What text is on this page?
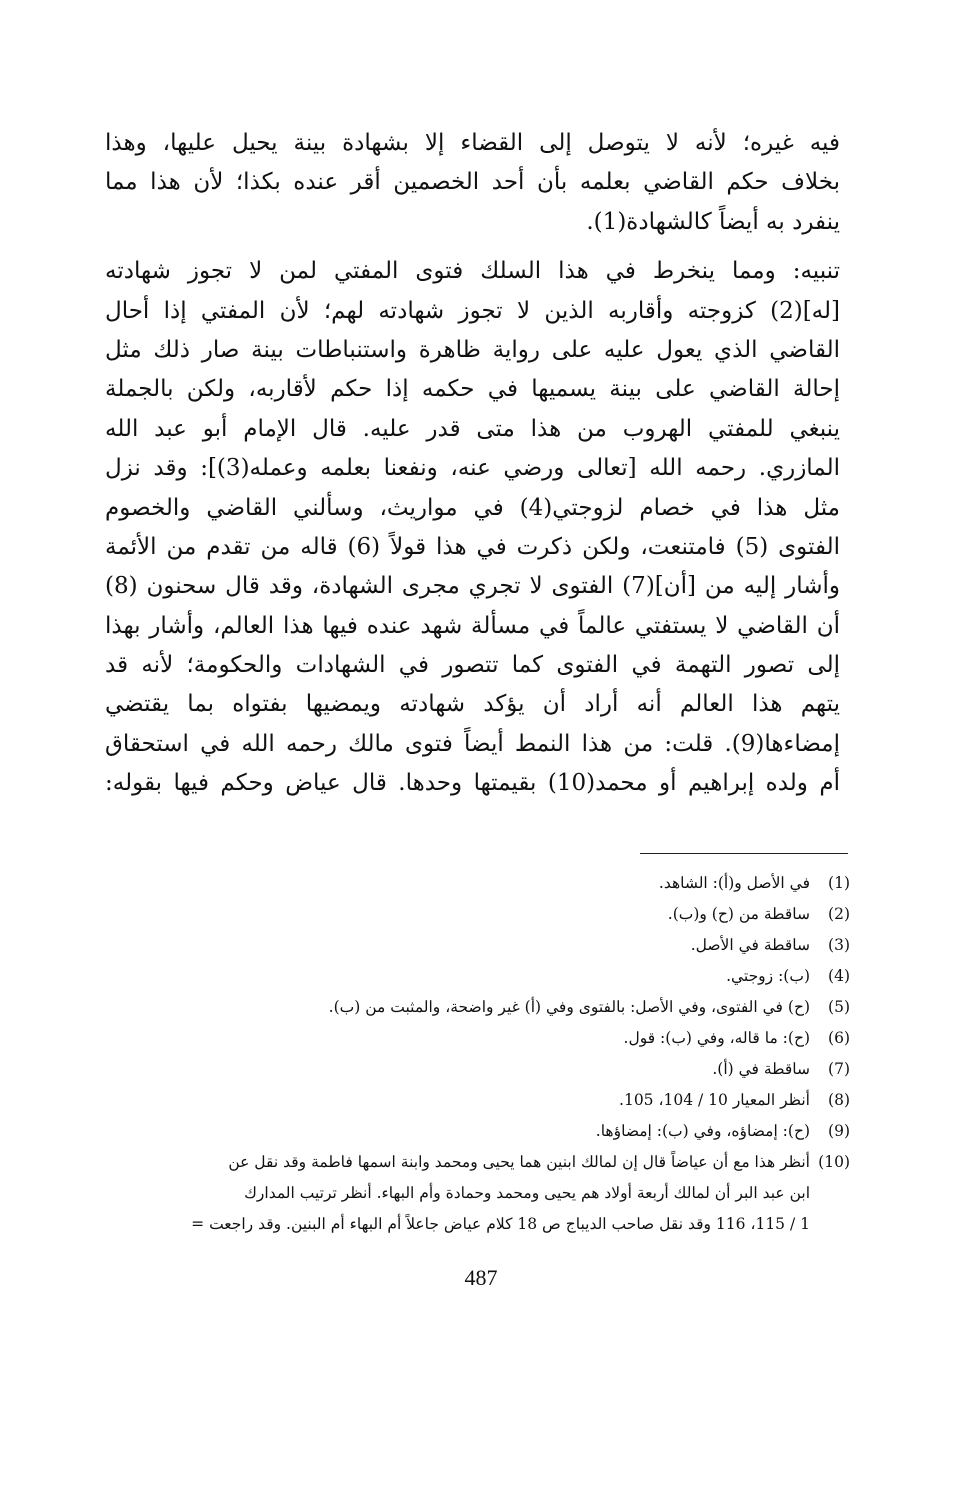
فيه غيره؛ لأنه لا يتوصل إلى القضاء إلا بشهادة بينة يحيل عليها، وهذا
بخلاف حكم القاضي بعلمه بأن أحد الخصمين أقر عنده بكذا؛ لأن هذا مما
ينفرد به أيضاً كالشهادة(1).
تنبيه: ومما ينخرط في هذا السلك فتوى المفتي لمن لا تجوز شهادته
[له](2) كزوجته وأقاربه الذين لا تجوز شهادته لهم؛ لأن المفتي إذا أحال
القاضي الذي يعول عليه على رواية ظاهرة واستنباطات بينة صار ذلك مثل
إحالة القاضي على بينة يسميها في حكمه إذا حكم لأقاربه، ولكن بالجملة
ينبغي للمفتي الهروب من هذا متى قدر عليه. قال الإمام أبو عبد الله
المازري. رحمه الله [تعالى ورضي عنه، ونفعنا بعلمه وعمله(3)]: وقد نزل
مثل هذا في خصام لزوجتي(4) في مواريث، وسألني القاضي والخصوم
الفتوى (5) فامتنعت، ولكن ذكرت في هذا قولاً (6) قاله من تقدم من الأئمة
وأشار إليه من [أن](7) الفتوى لا تجري مجرى الشهادة، وقد قال سحنون (8)
أن القاضي لا يستفتي عالماً في مسألة شهد عنده فيها هذا العالم، وأشار بهذا
إلى تصور التهمة في الفتوى كما تتصور في الشهادات والحكومة؛ لأنه قد
يتهم هذا العالم أنه أراد أن يؤكد شهادته ويمضيها بفتواه بما يقتضي
إمضاءها(9). قلت: من هذا النمط أيضاً فتوى مالك رحمه الله في استحقاق
أم ولده إبراهيم أو محمد(10) بقيمتها وحدها. قال عياض وحكم فيها بقوله:
(1)
في الأصل و(أ): الشاهد.
(2)
ساقطة من (ح) و(ب).
(3)
ساقطة في الأصل.
(4)
(ب): زوجتي.
(5)
(ح) في الفتوى، وفي الأصل: بالفتوى وفي (أ) غير واضحة، والمثبت من (ب).
(6)
(ح): ما قاله، وفي (ب): قول.
(7)
ساقطة في (أ).
(8)
أنظر المعيار 10 / 104، 105.
(9)
(ح): إمضاؤه، وفي (ب): إمضاؤها.
(10)
أنظر هذا مع أن عياضاً قال إن لمالك ابنين هما يحيى ومحمد وابنة اسمها فاطمة وقد نقل عن
ابن عبد البر أن لمالك أربعة أولاد هم يحيى ومحمد وحمادة وأم البهاء. أنظر ترتيب المدارك
1 / 115، 116 وقد نقل صاحب الديباج ص 18 كلام عياض جاعلاً أم البهاء أم البنين. وقد راجعت =
487
